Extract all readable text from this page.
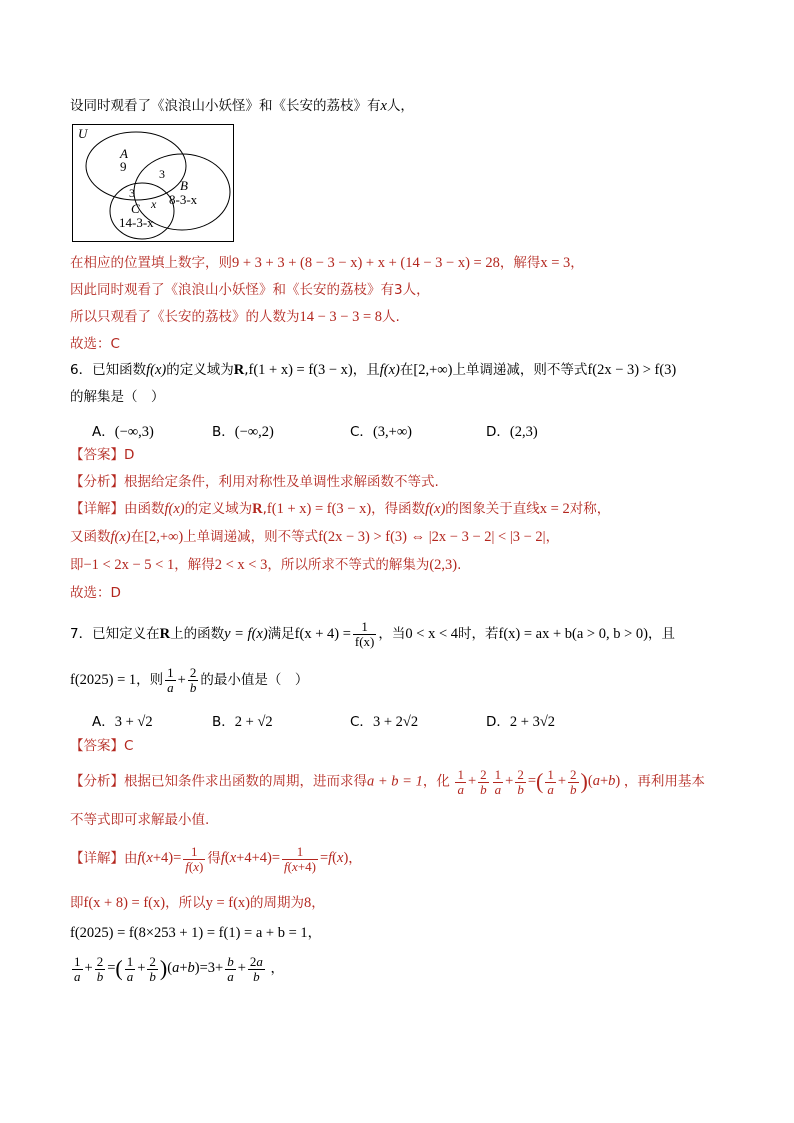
设同时观看了《浪浪山小妖怪》和《长安的荔枝》有x人，
U
A
9	3
B
8-3-x
3
x
C
14-3-x
在相应的位置填上数字，则9 + 3 + 3 + (8 − 3 − x) + x + (14 − 3 − x) = 28，解得x = 3，
因此同时观看了《浪浪山小妖怪》和《长安的荔枝》有3人，
所以只观看了《长安的荔枝》的人数为14 − 3 − 3 = 8人.
故选：C
6．已知函数f(x)的定义域为R,f(1 + x) = f(3 − x)，且f(x)在[2,+∞)上单调递减，则不等式f(2x − 3) > f(3)
的解集是（　）
A．(−∞,3)	B．(−∞,2)	C．(3,+∞)	D．(2,3)
【答案】D
【分析】根据给定条件，利用对称性及单调性求解函数不等式.
【详解】由函数f(x)的定义域为R,f(1 + x) = f(3 − x)，得函数f(x)的图象关于直线x = 2对称，
又函数f(x)在[2,+∞)上单调递减，则不等式f(2x − 3) > f(3) ⇔ |2x − 3 − 2| < |3 − 2|，
即−1 < 2x − 5 < 1，解得2 < x < 3，所以所求不等式的解集为(2,3).
故选：D
7．已知定义在R上的函数y = f(x)满足$f(x + 4) = \frac{1}{f(x)}$ ，当0 < x < 4时，若f(x) = ax + b(a > 0, b > 0)，且
f(2025) = 1，则 $\frac{1}{a} + \frac{2}{b}$ 的最小值是（　）
A．3 + √2	B．2 + √2	C．3 + 2√2	D．2 + 3√2
【答案】C
【分析】根据已知条件求出函数的周期，进而求得a + b = 1，化 $\frac{1}{a} + \frac{2}{b} \frac{1}{a} + \frac{2}{b}$ =( $\frac{1}{a} + \frac{2}{b} )(a+b)$ ，再利用基本
不等式即可求解最小值.
【详解】由$f(x+4)= \frac{1}{f(x)}$ 得$f(x+4+4)= \frac{1}{f(x+4)} =f(x)$，
即f(x + 8) = f(x)，所以y = f(x)的周期为8，
f(2025) = f(8×253 + 1) = f(1) = a + b = 1，
$\frac{1}{a} + \frac{2}{b}$ =( $\frac{1}{a} + \frac{2}{b} )(a+b)=3+ \frac{b}{a} + \frac{2a}{b}$ ，
